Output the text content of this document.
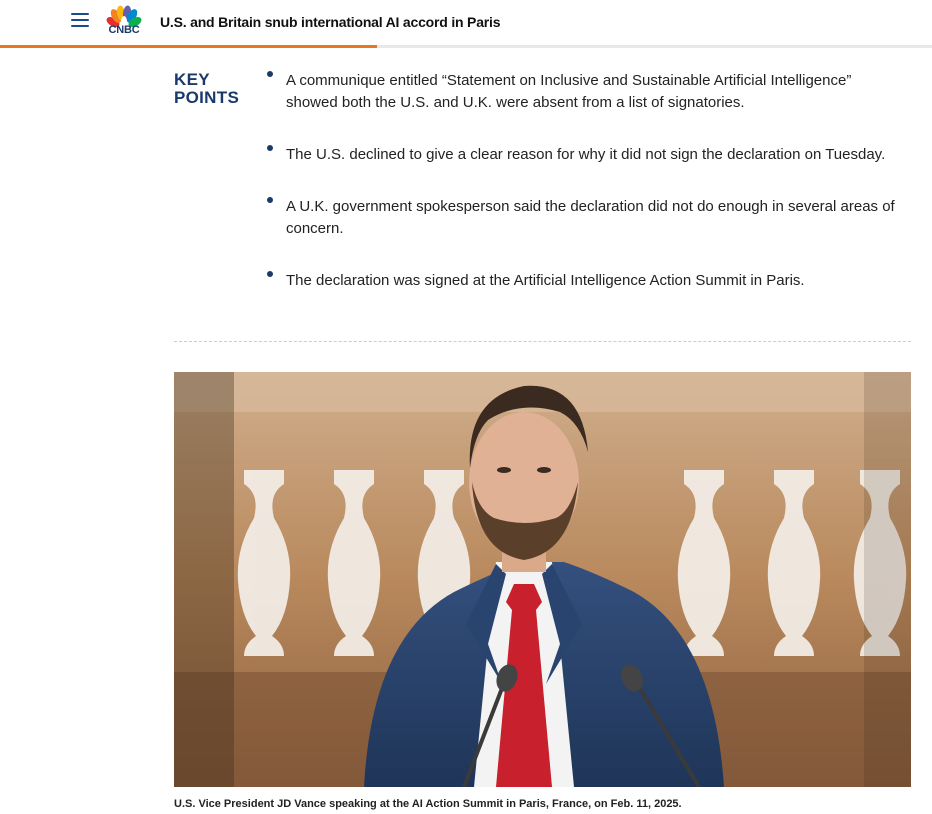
CNBC	U.S. and Britain snub international AI accord in Paris
KEY
POINTS
A communique entitled “Statement on Inclusive and Sustainable Artificial Intelligence” showed both the U.S. and U.K. were absent from a list of signatories.
The U.S. declined to give a clear reason for why it did not sign the declaration on Tuesday.
A U.K. government spokesperson said the declaration did not do enough in several areas of concern.
The declaration was signed at the Artificial Intelligence Action Summit in Paris.
U.S. Vice President JD Vance speaking at the AI Action Summit in Paris, France, on Feb. 11, 2025.
